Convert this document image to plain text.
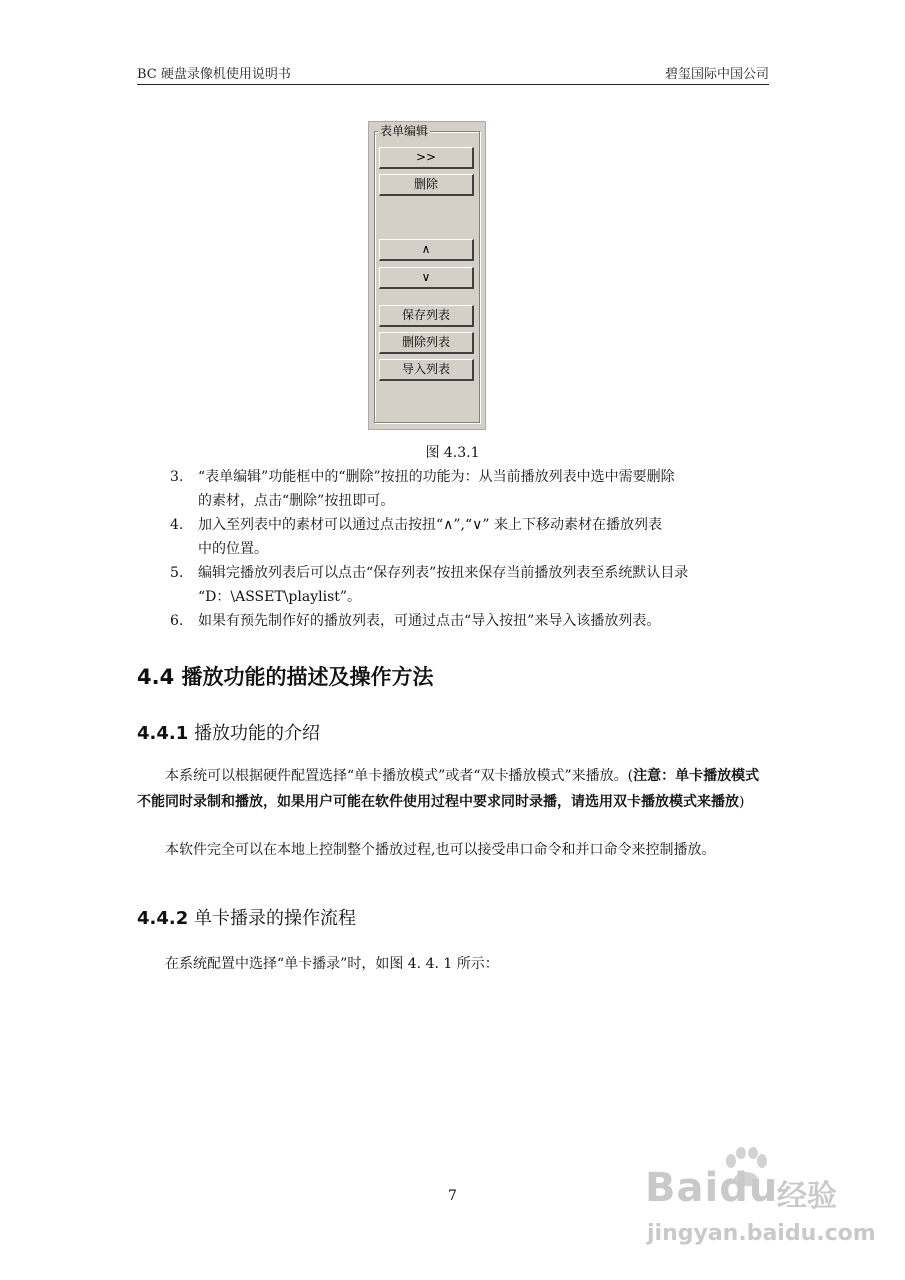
BC 硬盘录像机使用说明书	碧玺国际中国公司
表单编辑
>>
删除
∧
∨
保存列表
删除列表
导入列表
图 4.3.1
3. “表单编辑”功能框中的“删除”按扭的功能为：从当前播放列表中选中需要删除
的素材，点击“删除”按扭即可。
4. 加入至列表中的素材可以通过点击按扭“∧”,“∨” 来上下移动素材在播放列表
中的位置。
5. 编辑完播放列表后可以点击“保存列表”按扭来保存当前播放列表至系统默认目录
“D：\ASSET\playlist”。
6. 如果有预先制作好的播放列表，可通过点击“导入按扭”来导入该播放列表。
4.4 播放功能的描述及操作方法
4.4.1 播放功能的介绍
本系统可以根据硬件配置选择“单卡播放模式”或者“双卡播放模式”来播放。(注意：单卡播放模式不能同时录制和播放，如果用户可能在软件使用过程中要求同时录播，请选用双卡播放模式来播放)
本软件完全可以在本地上控制整个播放过程,也可以接受串口命令和并口命令来控制播放。
4.4.2 单卡播录的操作流程
在系统配置中选择“单卡播录”时，如图 4. 4. 1 所示：
7	Baidu
经验
jingyan.baidu.com
